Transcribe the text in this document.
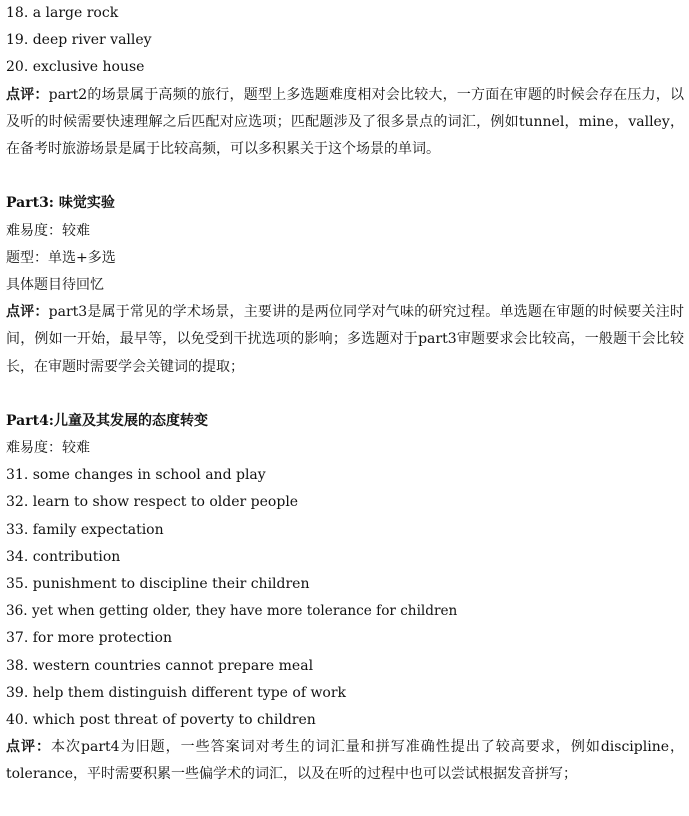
18. a large rock
19. deep river valley
20. exclusive house
点评：part2的场景属于高频的旅行，题型上多选题难度相对会比较大，一方面在审题的时候会存在压力，以及听的时候需要快速理解之后匹配对应选项；匹配题涉及了很多景点的词汇，例如tunnel，mine，valley，在备考时旅游场景是属于比较高频，可以多积累关于这个场景的单词。
Part3: 味觉实验
难易度：较难
题型：单选+多选
具体题目待回忆
点评：part3是属于常见的学术场景，主要讲的是两位同学对气味的研究过程。单选题在审题的时候要关注时间，例如一开始，最早等，以免受到干扰选项的影响；多选题对于part3审题要求会比较高，一般题干会比较长，在审题时需要学会关键词的提取；
Part4:儿童及其发展的态度转变
难易度：较难
31. some changes in school and play
32. learn to show respect to older people
33. family expectation
34. contribution
35. punishment to discipline their children
36. yet when getting older, they have more tolerance for children
37. for more protection
38. western countries cannot prepare meal
39. help them distinguish different type of work
40. which post threat of poverty to children
点评：本次part4为旧题，一些答案词对考生的词汇量和拼写准确性提出了较高要求，例如discipline，tolerance，平时需要积累一些偏学术的词汇，以及在听的过程中也可以尝试根据发音拼写；
